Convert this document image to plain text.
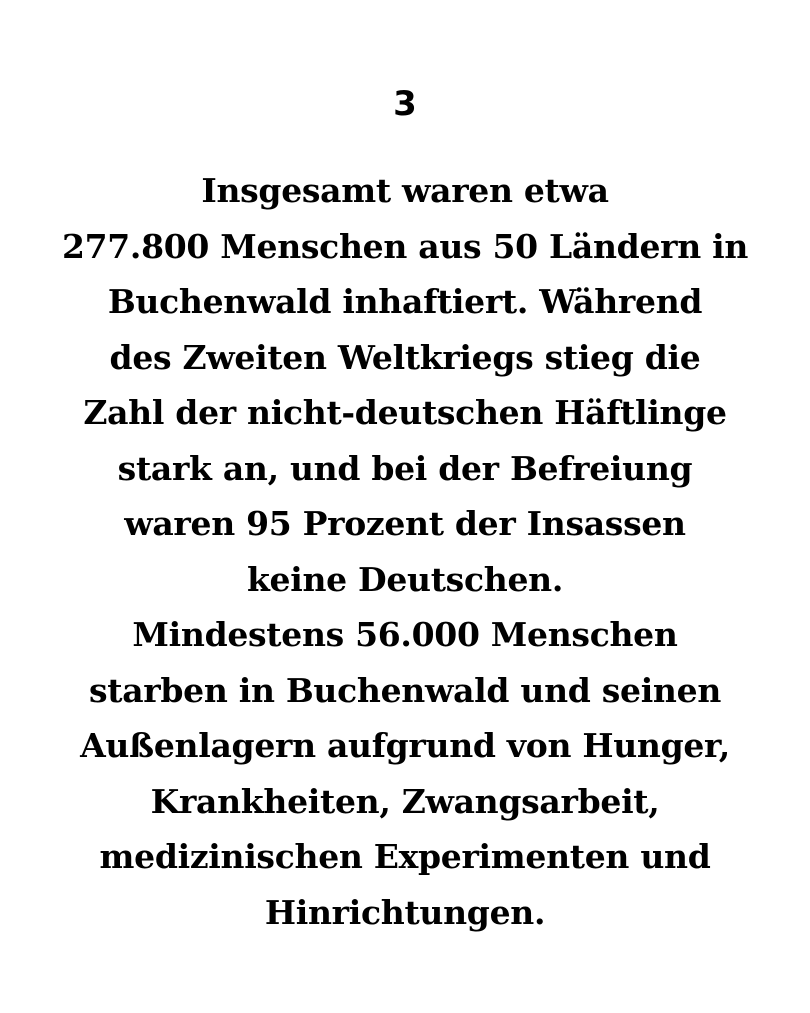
3
Insgesamt waren etwa
277.800 Menschen aus 50 Ländern in
Buchenwald inhaftiert. Während
des Zweiten Weltkriegs stieg die
Zahl der nicht-deutschen Häftlinge
stark an, und bei der Befreiung
waren 95 Prozent der Insassen
keine Deutschen.
Mindestens 56.000 Menschen
starben in Buchenwald und seinen
Außenlagern aufgrund von Hunger,
Krankheiten, Zwangsarbeit,
medizinischen Experimenten und
Hinrichtungen.
